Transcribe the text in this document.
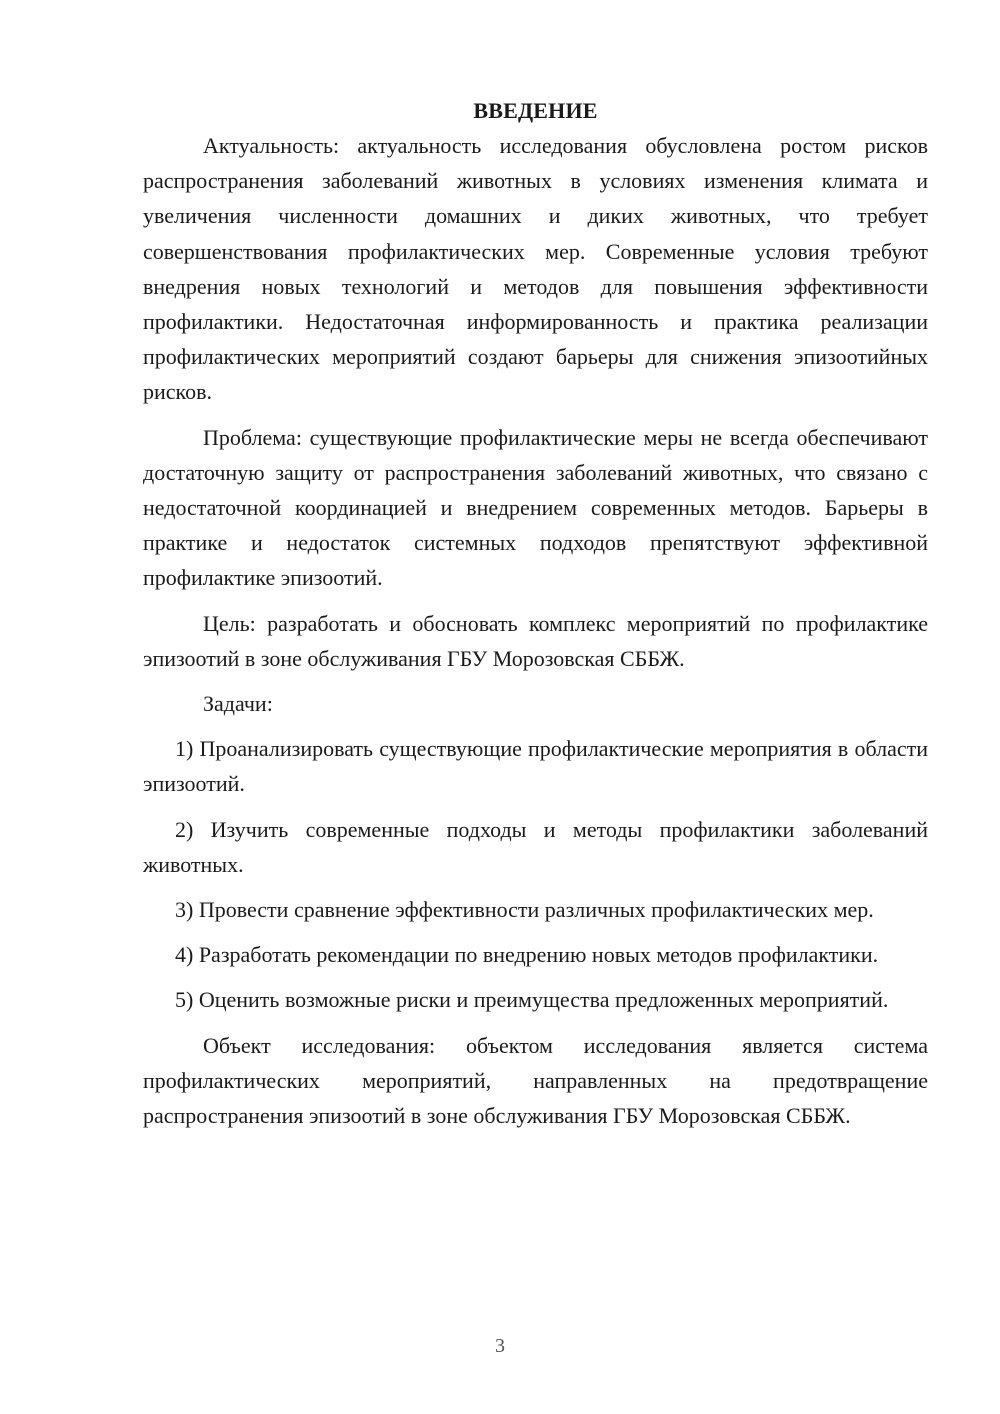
ВВЕДЕНИЕ

Актуальность: актуальность исследования обусловлена ростом рисков распространения заболеваний животных в условиях изменения климата и увеличения численности домашних и диких животных, что требует совершенствования профилактических мер. Современные условия требуют внедрения новых технологий и методов для повышения эффективности профилактики. Недостаточная информированность и практика реализации профилактических мероприятий создают барьеры для снижения эпизоотийных рисков.

Проблема: существующие профилактические меры не всегда обеспечивают достаточную защиту от распространения заболеваний животных, что связано с недостаточной координацией и внедрением современных методов. Барьеры в практике и недостаток системных подходов препятствуют эффективной профилактике эпизоотий.

Цель: разработать и обосновать комплекс мероприятий по профилактике эпизоотий в зоне обслуживания ГБУ Морозовская СББЖ.

Задачи:

1) Проанализировать существующие профилактические мероприятия в области эпизоотий.

2) Изучить современные подходы и методы профилактики заболеваний животных.

3) Провести сравнение эффективности различных профилактических мер.

4) Разработать рекомендации по внедрению новых методов профилактики.

5) Оценить возможные риски и преимущества предложенных мероприятий.

Объект исследования: объектом исследования является система профилактических мероприятий, направленных на предотвращение распространения эпизоотий в зоне обслуживания ГБУ Морозовская СББЖ.

3
